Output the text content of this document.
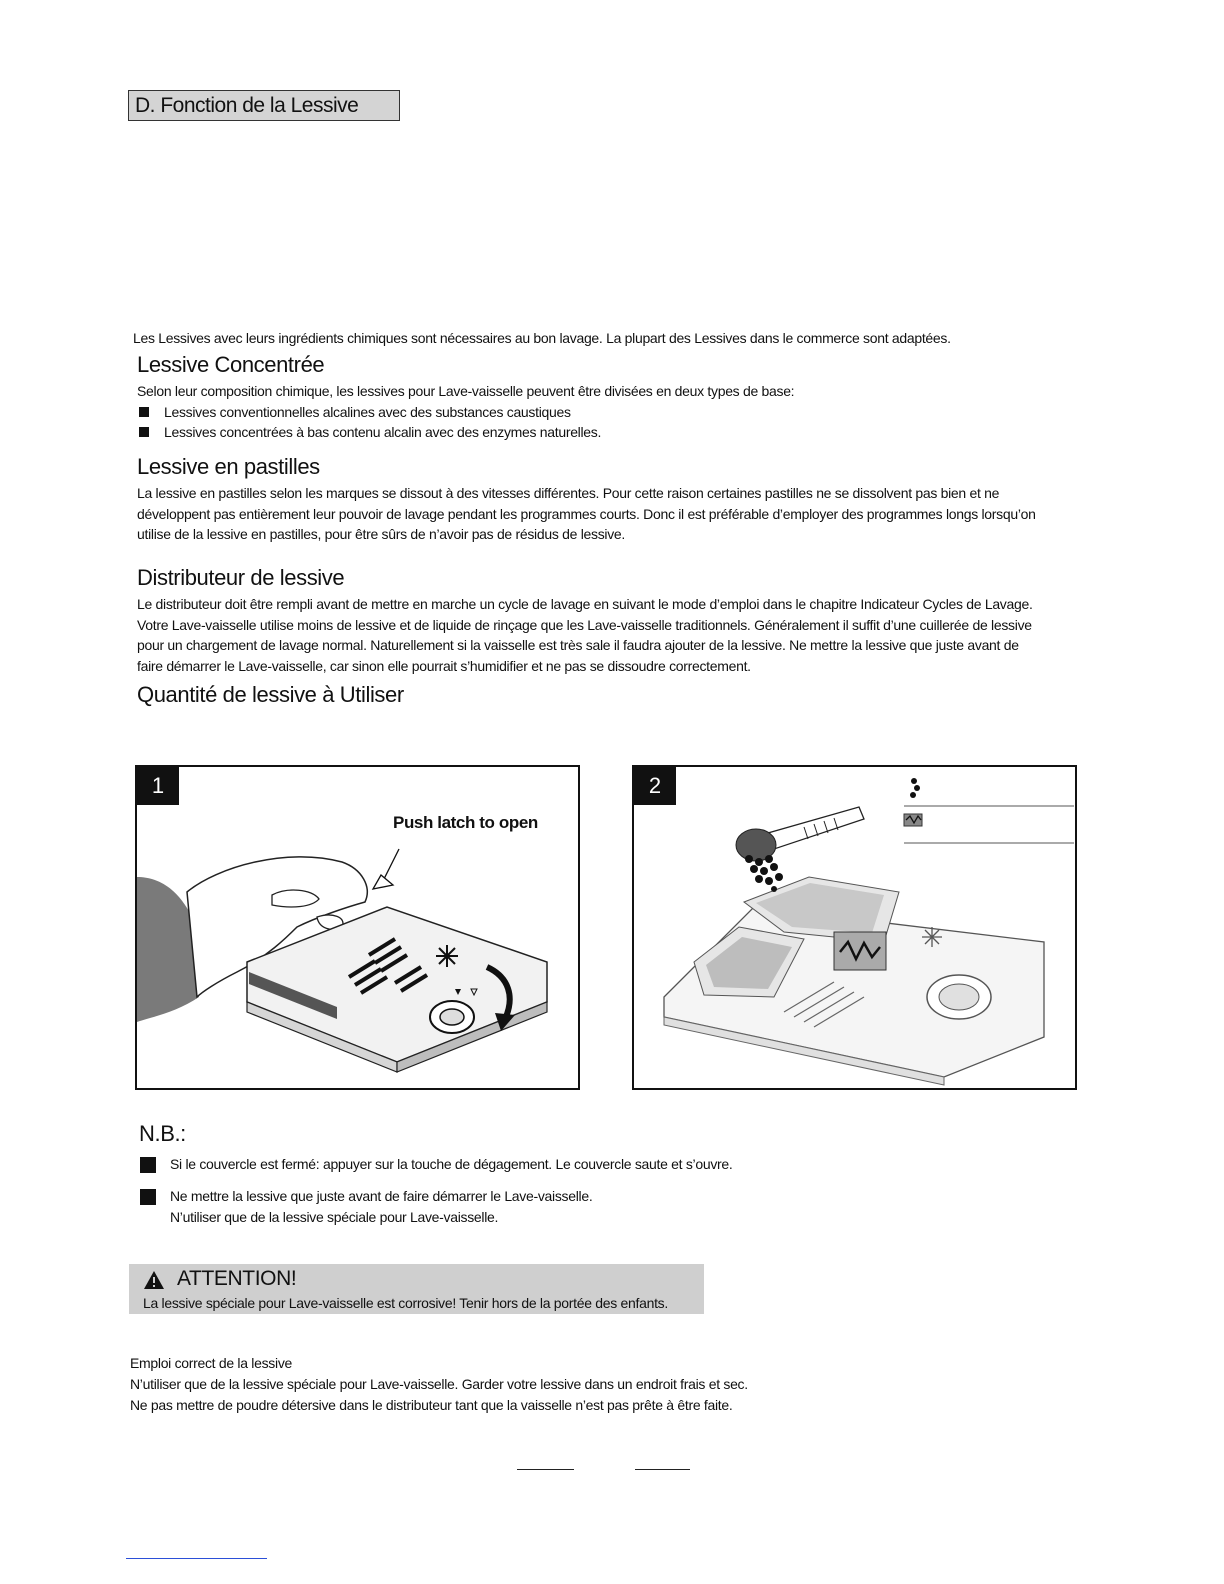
D. Fonction de la Lessive
Les Lessives avec leurs ingrédients chimiques sont nécessaires au bon lavage. La plupart des Lessives dans le commerce sont adaptées.
Lessive Concentrée
Selon leur composition chimique, les lessives pour Lave-vaisselle peuvent être divisées en deux types de base:
Lessives conventionnelles alcalines avec des substances caustiques
Lessives concentrées à bas contenu alcalin avec des enzymes naturelles.
Lessive en pastilles
La lessive en pastilles selon les marques se dissout à des vitesses différentes. Pour cette raison certaines pastilles ne se dissolvent pas bien et ne
développent pas entièrement leur pouvoir de lavage pendant les programmes courts. Donc il est préférable d’employer des programmes longs lorsqu’on
utilise de la lessive en pastilles, pour être sûrs de n’avoir pas de résidus de lessive.
Distributeur de lessive
Le distributeur doit être rempli avant de mettre en marche un cycle de lavage en suivant le mode d’emploi dans le chapitre Indicateur Cycles de Lavage.
Votre Lave-vaisselle utilise moins de lessive et de liquide de rinçage que les Lave-vaisselle traditionnels. Généralement il suffit d’une cuillerée de lessive
pour un chargement de lavage normal. Naturellement si la vaisselle est très sale il faudra ajouter de la lessive. Ne mettre la lessive que juste avant de
faire démarrer le Lave-vaisselle, car sinon elle pourrait s’humidifier et ne pas se dissoudre correctement.
Quantité de lessive à Utiliser
1
Push latch to open
2
N.B.:
Si le couvercle est fermé: appuyer sur la touche de dégagement. Le couvercle saute et s’ouvre.
Ne mettre la lessive que juste avant de faire démarrer le Lave-vaisselle.
N’utiliser que de la lessive spéciale pour Lave-vaisselle.
ATTENTION!
La lessive spéciale pour Lave-vaisselle est corrosive! Tenir hors de la portée des enfants.
Emploi correct de la lessive
N’utiliser que de la lessive spéciale pour Lave-vaisselle. Garder votre lessive dans un endroit frais et sec.
Ne pas mettre de poudre détersive dans le distributeur tant que la vaisselle n’est pas prête à être faite.
